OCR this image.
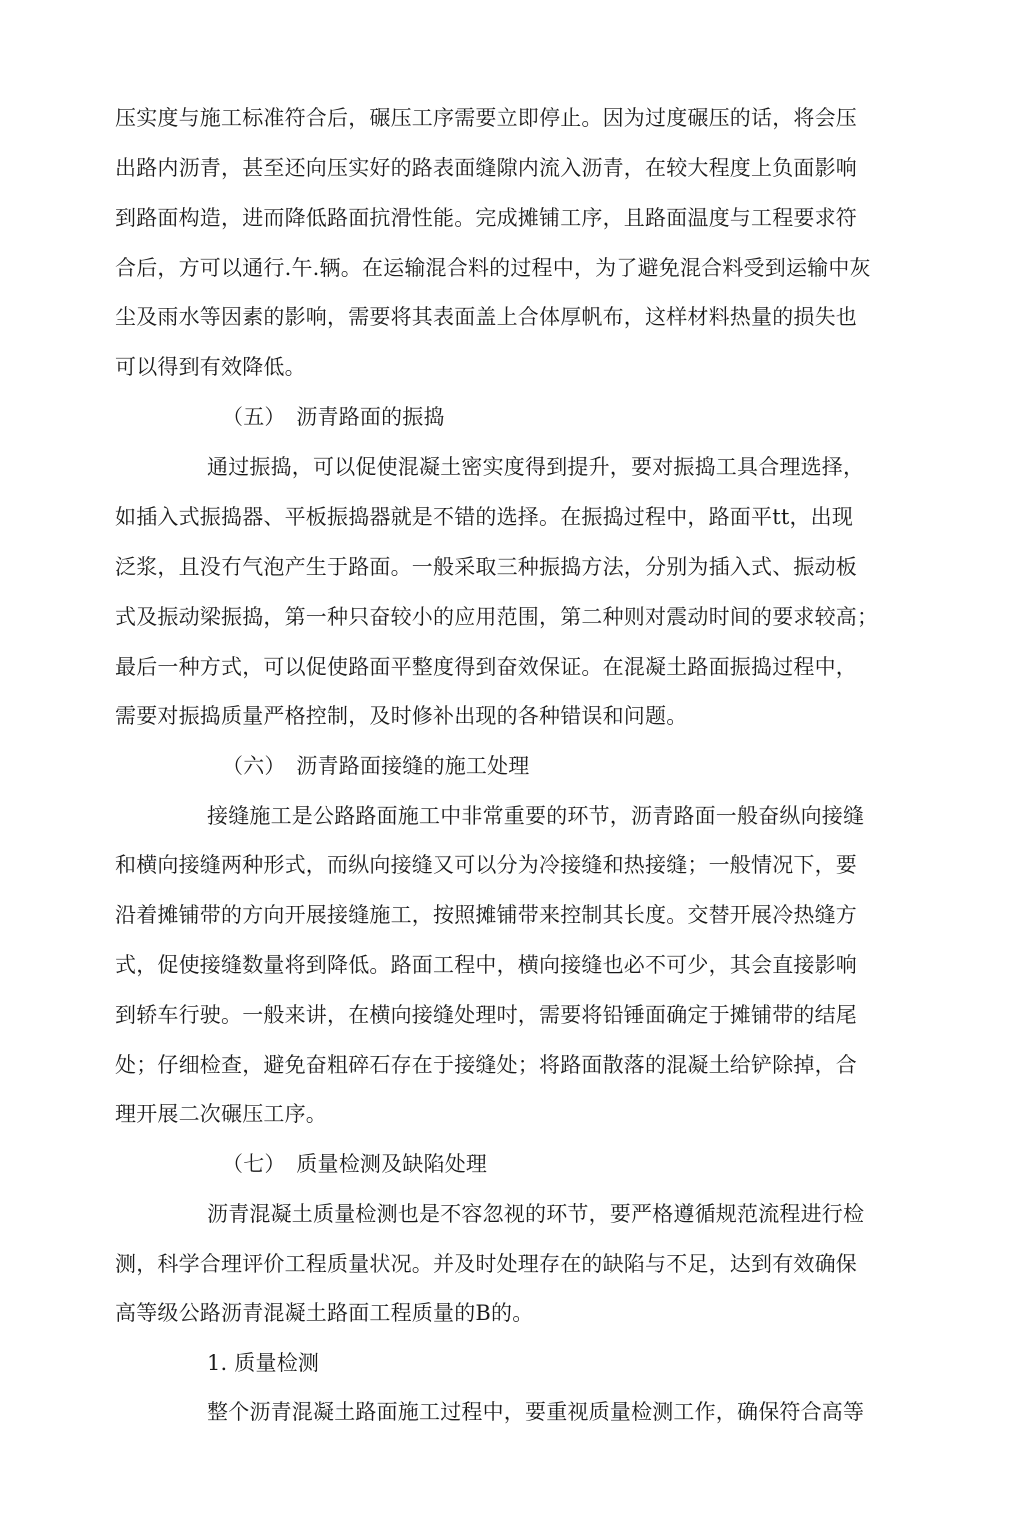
压实度与施工标准符合后，碾压工序需要立即停止。因为过度碾压的话，将会压
出路内沥青，甚至还向压实好的路表面缝隙内流入沥青，在较大程度上负面影响
到路面构造，进而降低路面抗滑性能。完成摊铺工序，且路面温度与工程要求符
合后，方可以通行.午.辆。在运输混合料的过程中，为了避免混合料受到运输中灰
尘及雨水等因素的影响，需要将其表面盖上合体厚帆布，这样材料热量的损失也
可以得到有效降低。
（五）　沥青路面的振捣
通过振捣，可以促使混凝土密实度得到提升，要对振捣工具合理选择，
如插入式振捣器、平板振捣器就是不错的选择。在振捣过程中，路面平tt，出现
泛浆，且没冇气泡产生于路面。一般采取三种振捣方法，分别为插入式、振动板
式及振动梁振捣，第一种只奋较小的应用范围，第二种则对震动时间的要求较高；
最后一种方式，可以促使路面平整度得到奋效保证。在混凝土路面振捣过程中，
需要对振捣质量严格控制，及时修补出现的各种错误和问题。
（六）　沥青路面接缝的施工处理
接缝施工是公路路面施工中非常重要的环节，沥青路面一般奋纵向接缝
和横向接缝两种形式，而纵向接缝又可以分为冷接缝和热接缝；一般情况下，要
沿着摊铺带的方向开展接缝施工，按照摊铺带来控制其长度。交替开展冷热缝方
式，促使接缝数量将到降低。路面工程中，横向接缝也必不可少，其会直接影响
到轿车行驶。一般来讲，在横向接缝处理吋，需要将铅锤面确定于摊铺带的结尾
处；仔细检查，避免奋粗碎石存在于接缝处；将路面散落的混凝土给铲除掉，合
理开展二次碾压工序。
（七）　质量检测及缺陷处理
沥青混凝土质量检测也是不容忽视的环节，要严格遵循规范流程进行检
测，科学合理评价工程质量状况。并及时处理存在的缺陷与不足，达到有效确保
高等级公路沥青混凝土路面工程质量的B的。
1. 质量检测
整个沥青混凝土路面施工过程中，要重视质量检测工作，确保符合高等
